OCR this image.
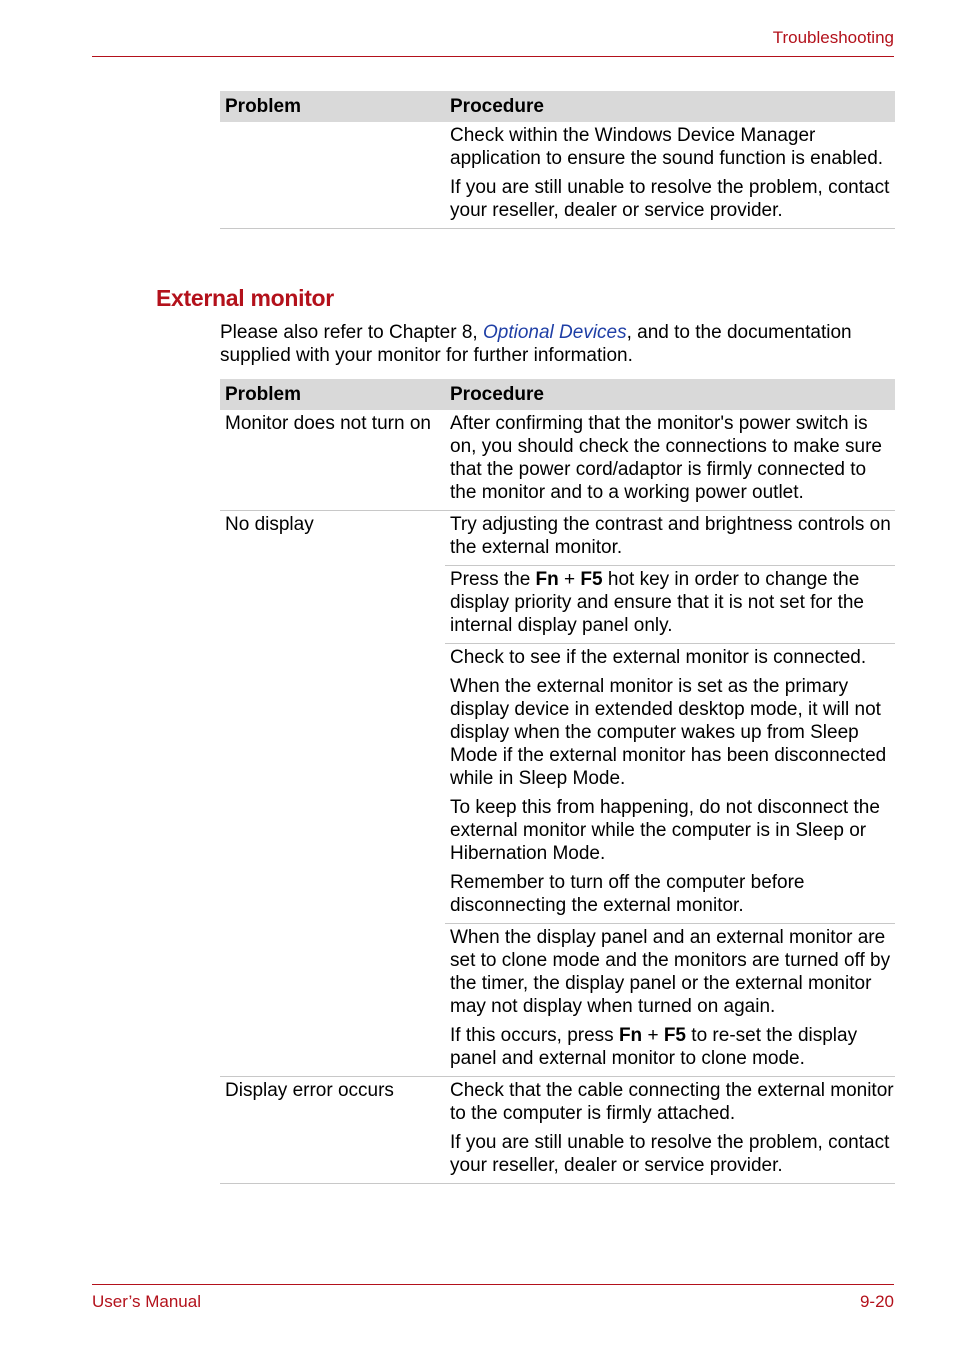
Troubleshooting
Problem	Procedure

Check within the Windows Device Manager application to ensure the sound function is enabled.

If you are still unable to resolve the problem, contact your reseller, dealer or service provider.

External monitor
Please also refer to Chapter 8, Optional Devices, and to the documentation supplied with your monitor for further information.
Problem	Procedure
Monitor does not turn on	After confirming that the monitor's power switch is on, you should check the connections to make sure that the power cord/adaptor is firmly connected to the monitor and to a working power outlet.

No display	Try adjusting the contrast and brightness controls on the external monitor.

Press the Fn + F5 hot key in order to change the display priority and ensure that it is not set for the internal display panel only.

Check to see if the external monitor is connected.

When the external monitor is set as the primary display device in extended desktop mode, it will not display when the computer wakes up from Sleep Mode if the external monitor has been disconnected while in Sleep Mode.

To keep this from happening, do not disconnect the external monitor while the computer is in Sleep or Hibernation Mode.

Remember to turn off the computer before disconnecting the external monitor.

When the display panel and an external monitor are set to clone mode and the monitors are turned off by the timer, the display panel or the external monitor may not display when turned on again.

If this occurs, press Fn + F5 to re-set the display panel and external monitor to clone mode.

Display error occurs	Check that the cable connecting the external monitor to the computer is firmly attached.

If you are still unable to resolve the problem, contact your reseller, dealer or service provider.

User’s Manual	9-20
